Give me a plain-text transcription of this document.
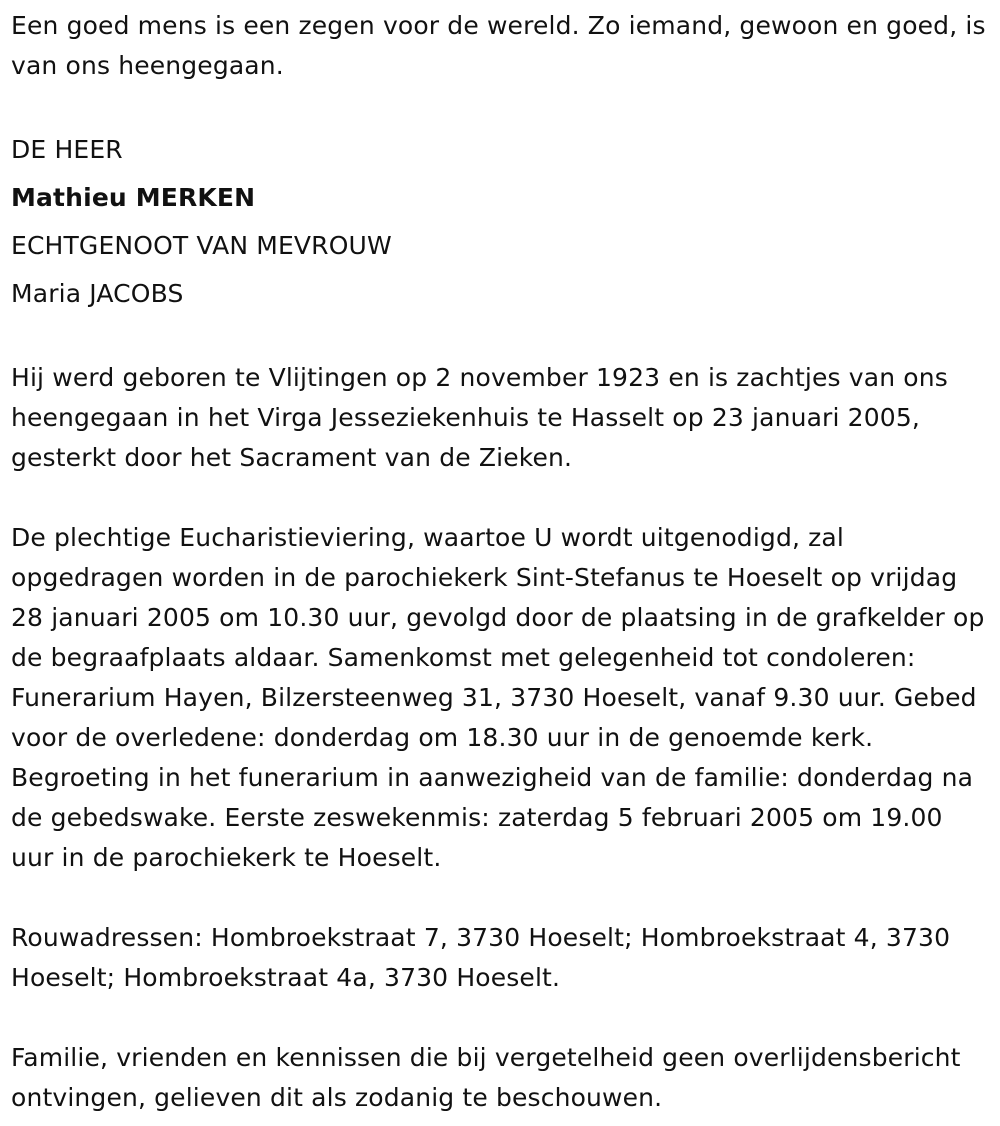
Een goed mens is een zegen voor de wereld. Zo iemand, gewoon en goed, is van ons heengegaan.

DE HEER
Mathieu MERKEN
ECHTGENOOT VAN MEVROUW
Maria JACOBS

Hij werd geboren te Vlijtingen op 2 november 1923 en is zachtjes van ons heengegaan in het Virga Jesseziekenhuis te Hasselt op 23 januari 2005, gesterkt door het Sacrament van de Zieken.

De plechtige Eucharistieviering, waartoe U wordt uitgenodigd, zal opgedragen worden in de parochiekerk Sint-Stefanus te Hoeselt op vrijdag 28 januari 2005 om 10.30 uur, gevolgd door de plaatsing in de grafkelder op de begraafplaats aldaar. Samenkomst met gelegenheid tot condoleren: Funerarium Hayen, Bilzersteenweg 31, 3730 Hoeselt, vanaf 9.30 uur. Gebed voor de overledene: donderdag om 18.30 uur in de genoemde kerk. Begroeting in het funerarium in aanwezigheid van de familie: donderdag na de gebedswake. Eerste zeswekenmis: zaterdag 5 februari 2005 om 19.00 uur in de parochiekerk te Hoeselt.

Rouwadressen: Hombroekstraat 7, 3730 Hoeselt; Hombroekstraat 4, 3730 Hoeselt; Hombroekstraat 4a, 3730 Hoeselt.

Familie, vrienden en kennissen die bij vergetelheid geen overlijdensbericht ontvingen, gelieven dit als zodanig te beschouwen.
